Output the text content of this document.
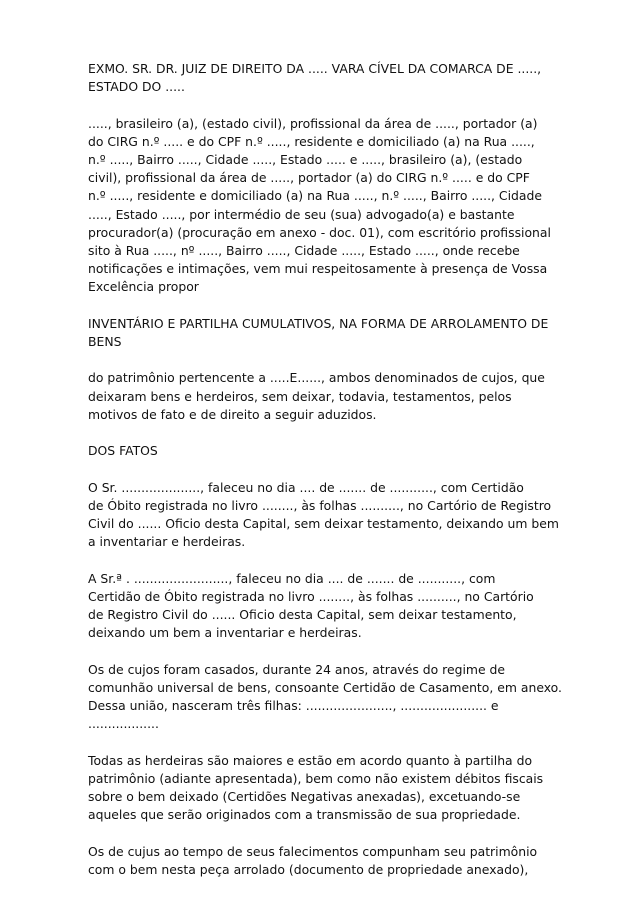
EXMO. SR. DR. JUIZ DE DIREITO DA ..... VARA CÍVEL DA COMARCA DE .....,
ESTADO DO .....

....., brasileiro (a), (estado civil), profissional da área de ....., portador (a)
do CIRG n.º ..... e do CPF n.º ....., residente e domiciliado (a) na Rua .....,
n.º ....., Bairro ....., Cidade ....., Estado ..... e ....., brasileiro (a), (estado
civil), profissional da área de ....., portador (a) do CIRG n.º ..... e do CPF
n.º ....., residente e domiciliado (a) na Rua ....., n.º ....., Bairro ....., Cidade
....., Estado ....., por intermédio de seu (sua) advogado(a) e bastante
procurador(a) (procuração em anexo - doc. 01), com escritório profissional
sito à Rua ....., nº ....., Bairro ....., Cidade ....., Estado ....., onde recebe
notificações e intimações, vem mui respeitosamente à presença de Vossa
Excelência propor

INVENTÁRIO E PARTILHA CUMULATIVOS, NA FORMA DE ARROLAMENTO DE
BENS

do patrimônio pertencente a .....E......, ambos denominados de cujos, que
deixaram bens e herdeiros, sem deixar, todavia, testamentos, pelos
motivos de fato e de direito a seguir aduzidos.

DOS FATOS

O Sr. ...................., faleceu no dia .... de ....... de ..........., com Certidão
de Óbito registrada no livro ........, às folhas .........., no Cartório de Registro
Civil do ...... Oficio desta Capital, sem deixar testamento, deixando um bem
a inventariar e herdeiras.

A Sr.ª . ........................, faleceu no dia .... de ....... de ..........., com
Certidão de Óbito registrada no livro ........, às folhas .........., no Cartório
de Registro Civil do ...... Oficio desta Capital, sem deixar testamento,
deixando um bem a inventariar e herdeiras.

Os de cujos foram casados, durante 24 anos, através do regime de
comunhão universal de bens, consoante Certidão de Casamento, em anexo.
Dessa união, nasceram três filhas: ......................, ...................... e
..................

Todas as herdeiras são maiores e estão em acordo quanto à partilha do
patrimônio (adiante apresentada), bem como não existem débitos fiscais
sobre o bem deixado (Certidões Negativas anexadas), excetuando-se
aqueles que serão originados com a transmissão de sua propriedade.

Os de cujus ao tempo de seus falecimentos compunham seu patrimônio
com o bem nesta peça arrolado (documento de propriedade anexado),
